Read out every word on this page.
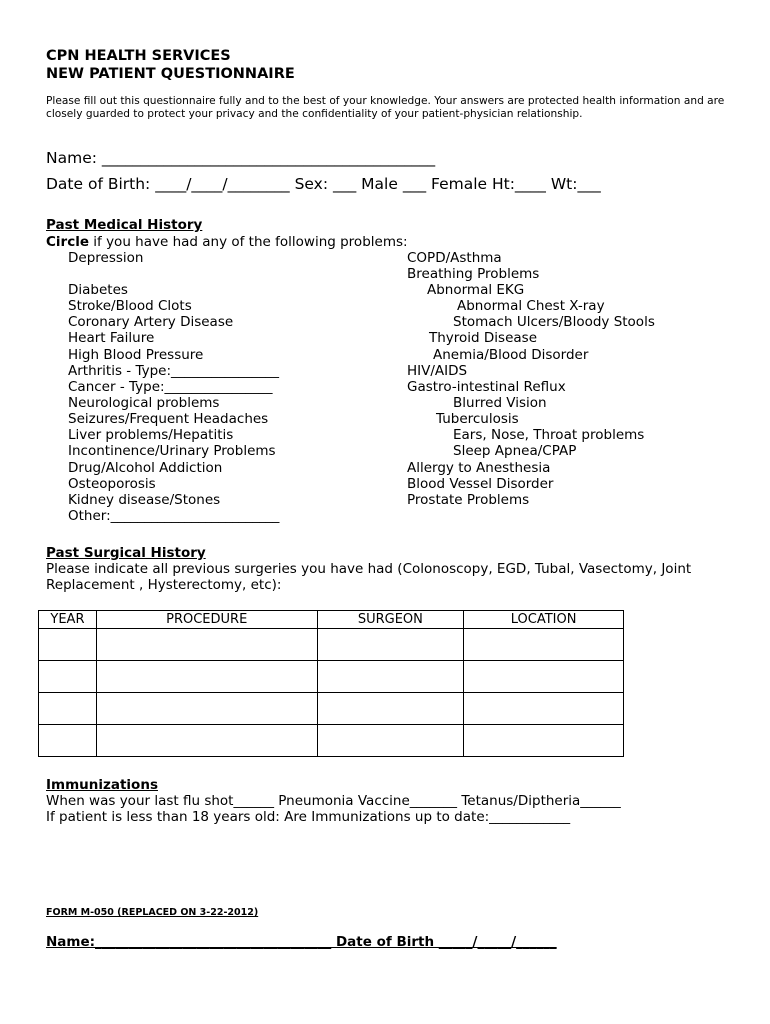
CPN HEALTH SERVICES
NEW PATIENT QUESTIONNAIRE
Please fill out this questionnaire fully and to the best of your knowledge. Your answers are protected health information and are closely guarded to protect your privacy and the confidentiality of your patient-physician relationship.
Name: ___________________________________________
Date of Birth: ____/____/________ Sex: ___ Male ___ Female Ht:____ Wt:___
Past Medical History
Circle if you have had any of the following problems:
Depression
Diabetes
Stroke/Blood Clots
Coronary Artery Disease
Heart Failure
High Blood Pressure
Arthritis - Type:________________
Cancer - Type:________________
Neurological problems
Seizures/Frequent Headaches
Liver problems/Hepatitis
Incontinence/Urinary Problems
Drug/Alcohol Addiction
Osteoporosis
Kidney disease/Stones
Other:_________________________
COPD/Asthma
Breathing Problems
Abnormal EKG
Abnormal Chest X-ray
Stomach Ulcers/Bloody Stools
Thyroid Disease
Anemia/Blood Disorder
HIV/AIDS
Gastro-intestinal Reflux
Blurred Vision
Tuberculosis
Ears, Nose, Throat problems
Sleep Apnea/CPAP
Allergy to Anesthesia
Blood Vessel Disorder
Prostate Problems
Past Surgical History
Please indicate all previous surgeries you have had (Colonoscopy, EGD, Tubal, Vasectomy, Joint
Replacement , Hysterectomy, etc):
YEAR	PROCEDURE	SURGEON	LOCATION

Immunizations
When was your last flu shot______ Pneumonia Vaccine_______ Tetanus/Diptheria______
If patient is less than 18 years old: Are Immunizations up to date:____________
FORM M-050 (REPLACED ON 3-22-2012)
Name:___________________________________ Date of Birth _____/_____/______
